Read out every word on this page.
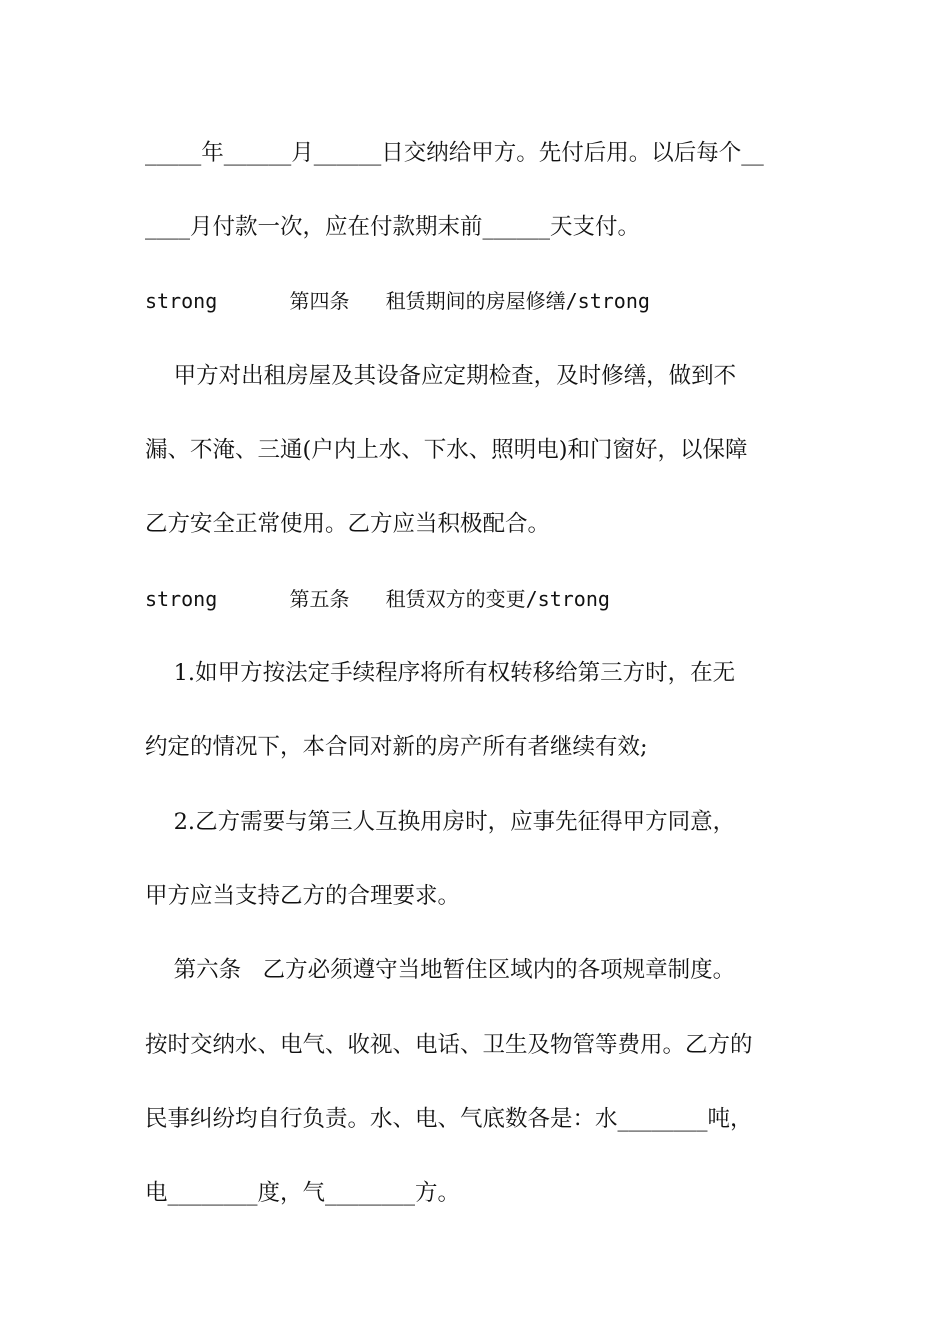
_____年______月______日交纳给甲方。先付后用。以后每个__
____月付款一次，应在付款期末前______天支付。
strong      第四条   租赁期间的房屋修缮/strong
甲方对出租房屋及其设备应定期检查，及时修缮，做到不
漏、不淹、三通(户内上水、下水、照明电)和门窗好，以保障
乙方安全正常使用。乙方应当积极配合。
strong      第五条   租赁双方的变更/strong
1.如甲方按法定手续程序将所有权转移给第三方时，在无
约定的情况下，本合同对新的房产所有者继续有效;
2.乙方需要与第三人互换用房时，应事先征得甲方同意，
甲方应当支持乙方的合理要求。
第六条   乙方必须遵守当地暂住区域内的各项规章制度。
按时交纳水、电气、收视、电话、卫生及物管等费用。乙方的
民事纠纷均自行负责。水、电、气底数各是：水________吨，
电________度，气________方。
